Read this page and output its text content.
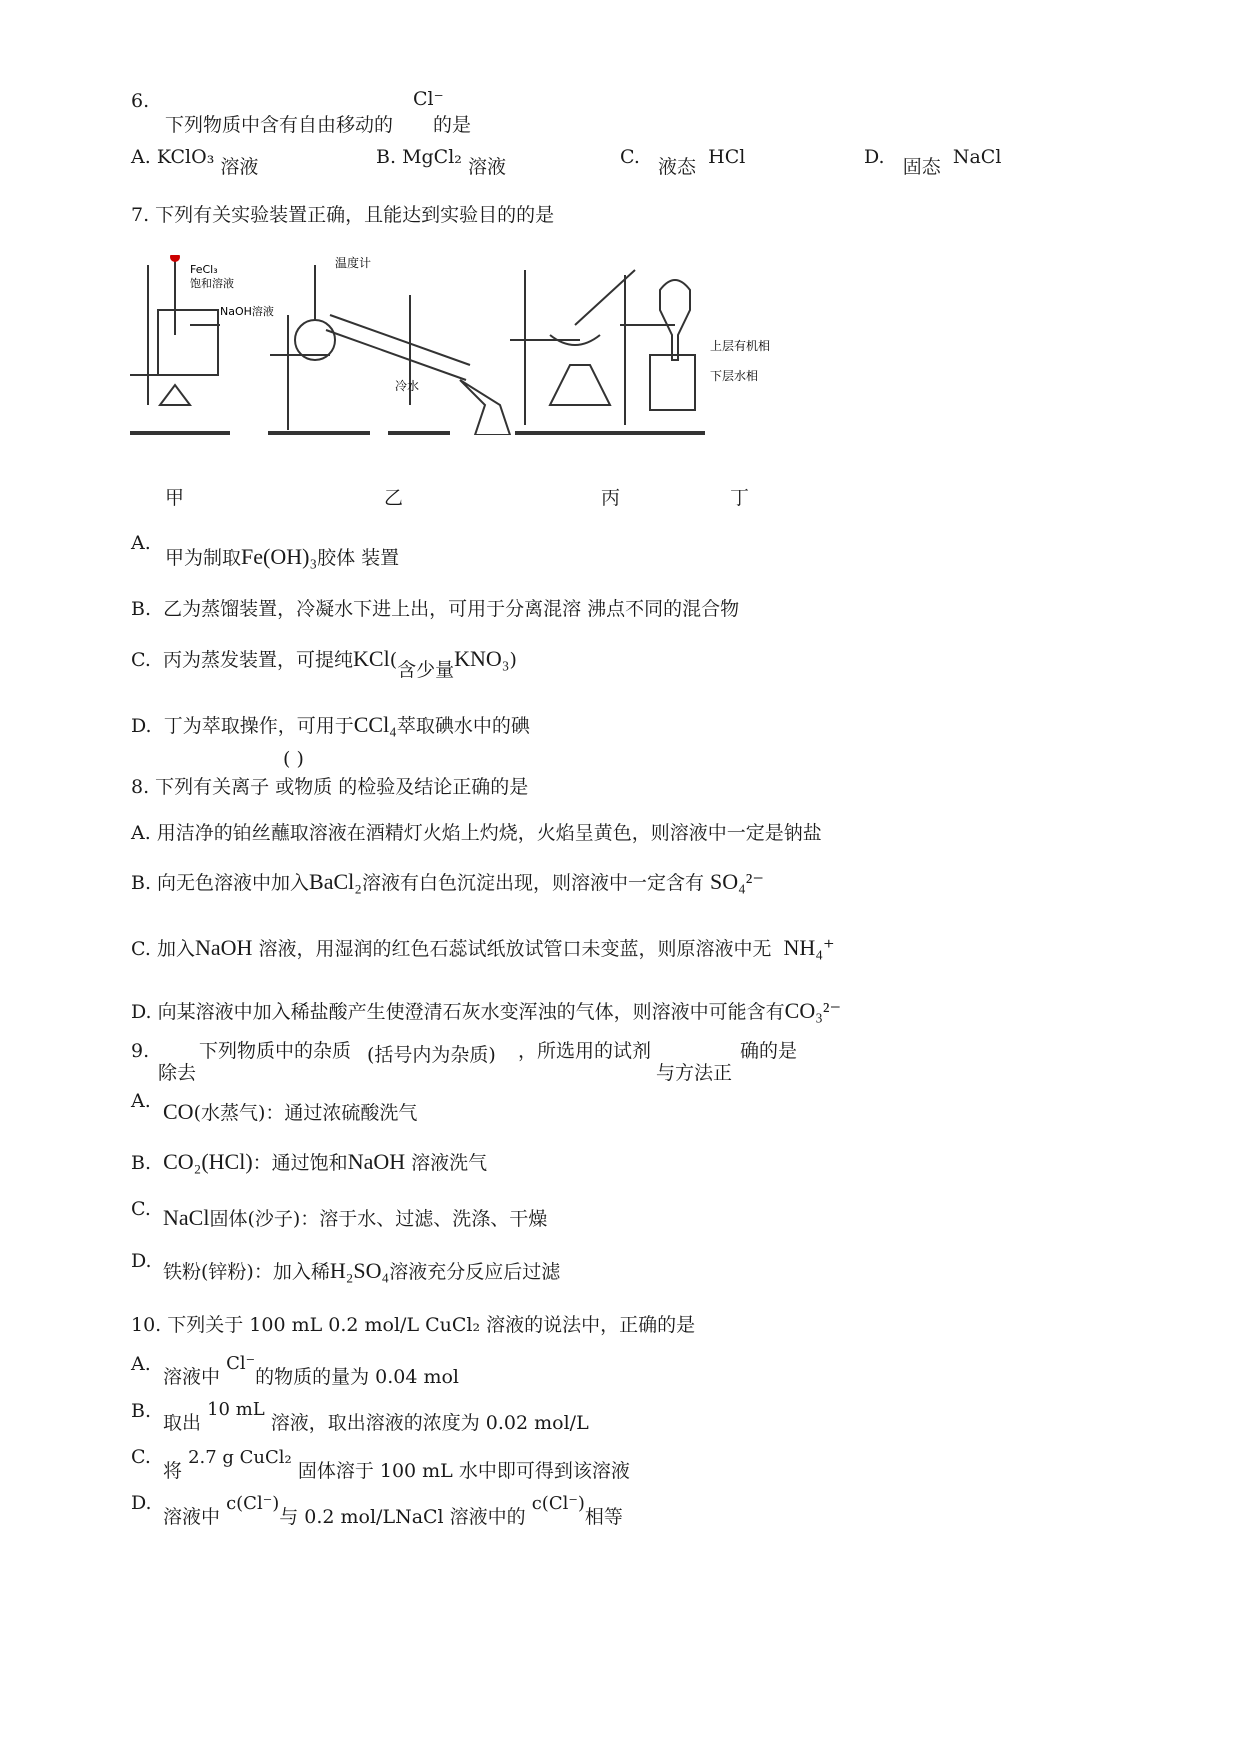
6.	Cl⁻
下列物质中含有自由移动的 的是
A. KClO₃ 溶液	B. MgCl₂ 溶液	C. 液态 HCl	D. 固态 NaCl
7. 下列有关实验装置正确，且能达到实验目的的是
FeCl₃
饱和溶液
NaOH溶液
温度计
冷水
上层有机相
下层水相
甲	乙	丙	丁
A.
甲为制取Fe(OH)₃胶体 装置
B. 乙为蒸馏装置，冷凝水下进上出，可用于分离混溶 沸点不同的混合物
C. 丙为蒸发装置，可提纯KCl(含少量KNO₃)
D. 丁为萃取操作，可用于CCl₄萃取碘水中的碘
( )
8. 下列有关离子 或物质 的检验及结论正确的是
A. 用洁净的铂丝蘸取溶液在酒精灯火焰上灼烧，火焰呈黄色，则溶液中一定是钠盐
B. 向无色溶液中加入BaCl₂溶液有白色沉淀出现，则溶液中一定含有 SO₄²⁻
C. 加入NaOH 溶液，用湿润的红色石蕊试纸放试管口未变蓝，则原溶液中无 NH₄⁺
D. 向某溶液中加入稀盐酸产生使澄清石灰水变浑浊的气体，则溶液中可能含有CO₃²⁻
9.	下列物质中的杂质 (括号内为杂质) ，所选用的试剂	确的是
除去	与方法正
A. CO(水蒸气)：通过浓硫酸洗气
B. CO₂(HCl)：通过饱和NaOH 溶液洗气
C. NaCl固体(沙子)：溶于水、过滤、洗涤、干燥
D. 铁粉(锌粉)：加入稀H₂SO₄溶液充分反应后过滤
10. 下列关于 100 mL 0.2 mol/L CuCl₂ 溶液的说法中，正确的是
A.
溶液中 Cl⁻的物质的量为 0.04 mol
B.
取出 10 mL 溶液，取出溶液的浓度为 0.02 mol/L
C.
将 2.7 g CuCl₂ 固体溶于 100 mL 水中即可得到该溶液
D.
溶液中 c(Cl⁻)与 0.2 mol/LNaCl 溶液中的 c(Cl⁻)相等
